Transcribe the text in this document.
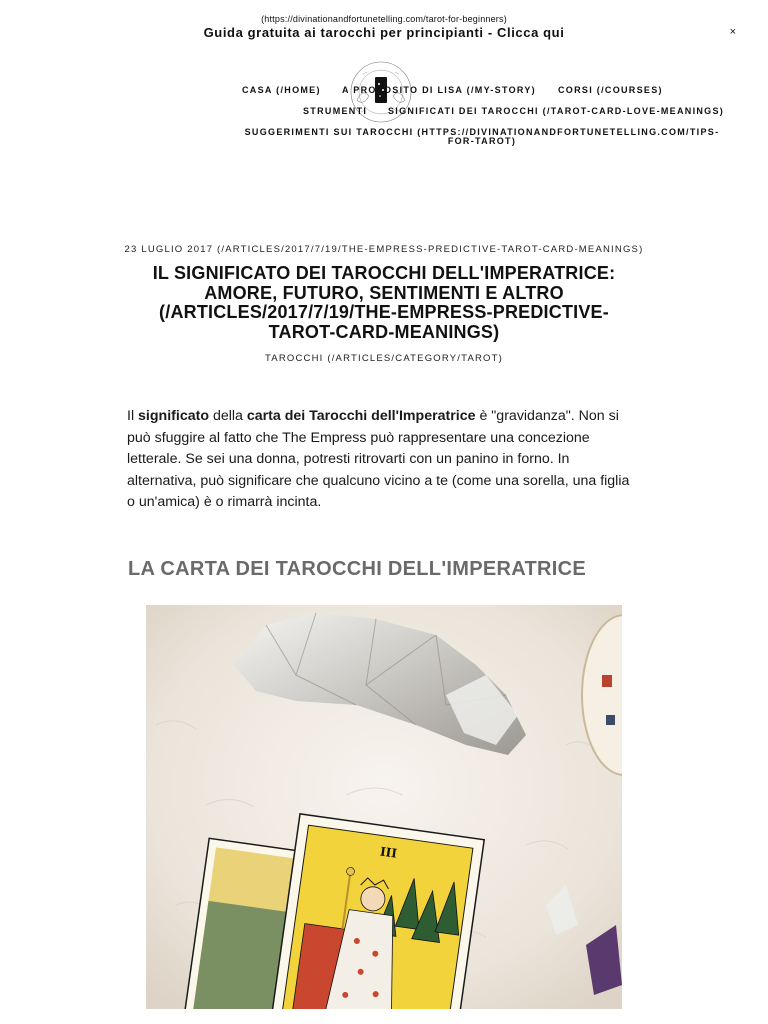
(https://divinationandfortunetelling.com/tarot-for-beginners)
Guida gratuita ai tarocchi per principianti - Clicca qui	×
CASA (/HOME) A PROPOSITO DI LISA (/MY-STORY) CORSI (/COURSES)
STRUMENTI SIGNIFICATI DEI TAROCCHI (/TAROT-CARD-LOVE-MEANINGS)
SUGGERIMENTI SUI TAROCCHI (HTTPS://DIVINATIONANDFORTUNETELLING.COM/TIPS-
FOR-TAROT)
23 LUGLIO 2017 (/ARTICLES/2017/7/19/THE-EMPRESS-PREDICTIVE-TAROT-CARD-MEANINGS)
IL SIGNIFICATO DEI TAROCCHI DELL'IMPERATRICE:
AMORE, FUTURO, SENTIMENTI E ALTRO
(/ARTICLES/2017/7/19/THE-EMPRESS-PREDICTIVE-
TAROT-CARD-MEANINGS)
TAROCCHI (/ARTICLES/CATEGORY/TAROT)

Il significato della carta dei Tarocchi dell'Imperatrice è "gravidanza". Non si può sfuggire al fatto che The Empress può rappresentare una concezione letterale. Se sei una donna, potresti ritrovarti con un panino in forno. In alternativa, può significare che qualcuno vicino a te (come una sorella, una figlia o un'amica) è o rimarrà incinta.

LA CARTA DEI TAROCCHI DELL'IMPERATRICE
III
